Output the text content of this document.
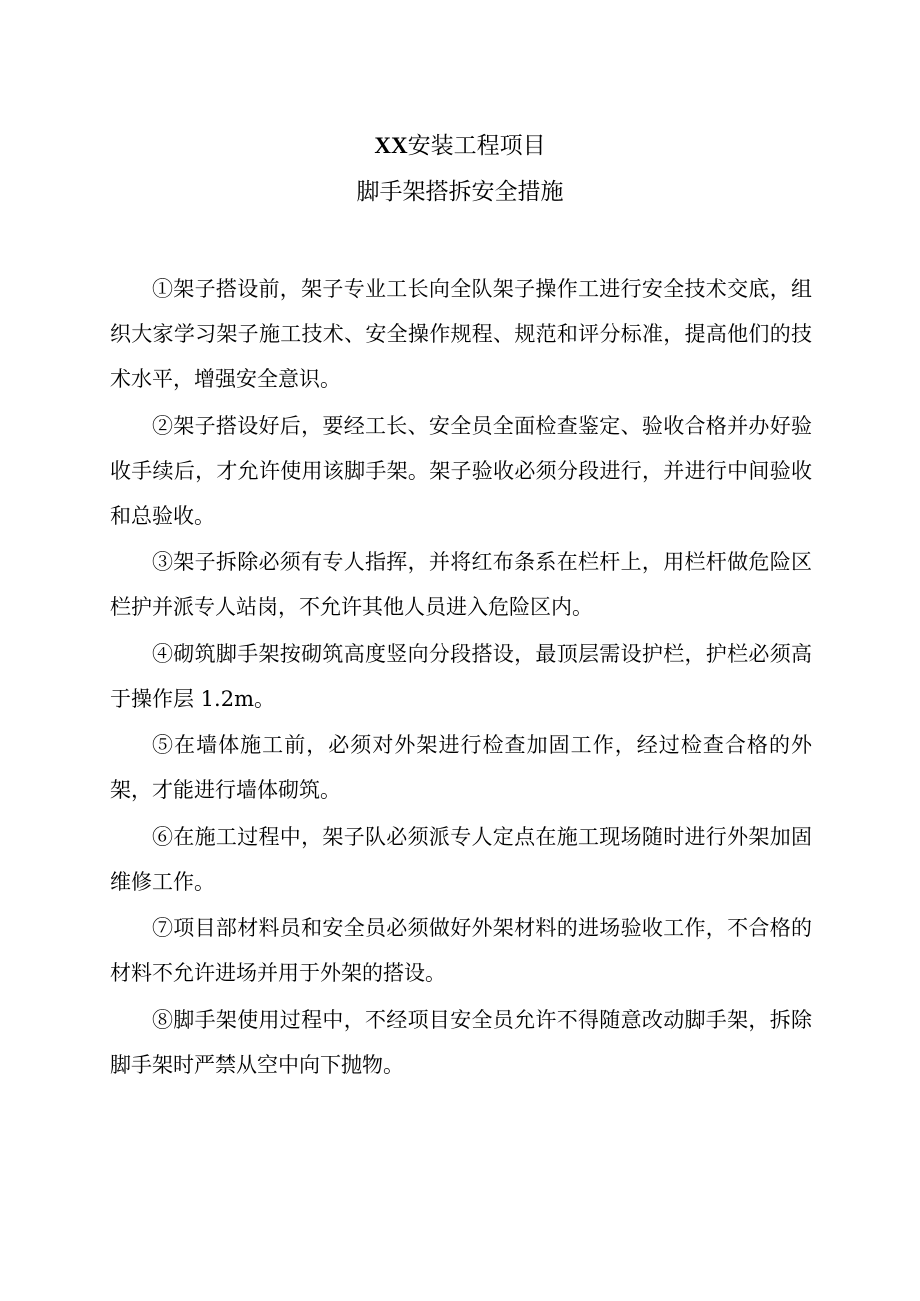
XX安装工程项目
脚手架搭拆安全措施

①架子搭设前，架子专业工长向全队架子操作工进行安全技术交底，组织大家学习架子施工技术、安全操作规程、规范和评分标准，提高他们的技术水平，增强安全意识。

②架子搭设好后，要经工长、安全员全面检查鉴定、验收合格并办好验收手续后，才允许使用该脚手架。架子验收必须分段进行，并进行中间验收和总验收。

③架子拆除必须有专人指挥，并将红布条系在栏杆上，用栏杆做危险区栏护并派专人站岗，不允许其他人员进入危险区内。

④砌筑脚手架按砌筑高度竖向分段搭设，最顶层需设护栏，护栏必须高于操作层 1.2m。

⑤在墙体施工前，必须对外架进行检查加固工作，经过检查合格的外架，才能进行墙体砌筑。

⑥在施工过程中，架子队必须派专人定点在施工现场随时进行外架加固维修工作。

⑦项目部材料员和安全员必须做好外架材料的进场验收工作，不合格的材料不允许进场并用于外架的搭设。

⑧脚手架使用过程中，不经项目安全员允许不得随意改动脚手架，拆除脚手架时严禁从空中向下抛物。
